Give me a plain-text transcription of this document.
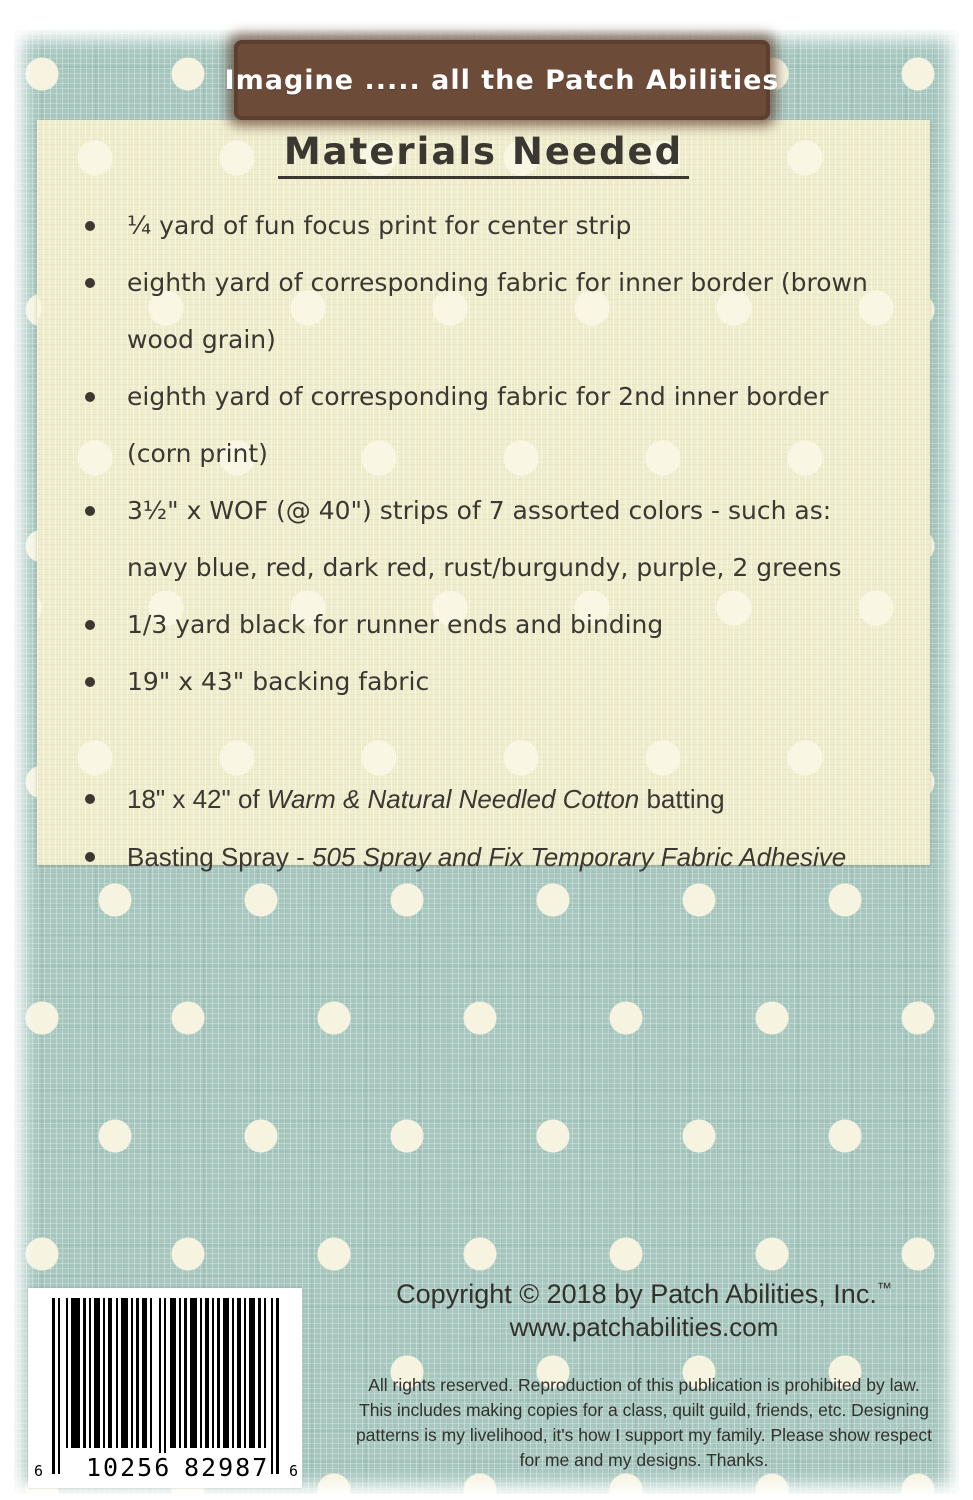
Materials Needed
¼ yard of fun focus print for center strip
eighth yard of corresponding fabric for inner border (brown wood grain)
eighth yard of corresponding fabric for 2nd inner border (corn print)
3½" x WOF (@ 40") strips of 7 assorted colors - such as: navy blue, red, dark red, rust/burgundy, purple, 2 greens
1/3 yard black for runner ends and binding
19" x 43" backing fabric
18" x 42" of Warm & Natural Needled Cotton batting
Basting Spray - 505 Spray and Fix Temporary Fabric Adhesive
Imagine ..... all the Patch Abilities
Copyright © 2018 by Patch Abilities, Inc.™
www.patchabilities.com
All rights reserved. Reproduction of this publication is prohibited by law.
This includes making copies for a class, quilt guild, friends, etc. Designing
patterns is my livelihood, it's how I support my family. Please show respect
for me and my designs. Thanks.
6 10256 82987 6
